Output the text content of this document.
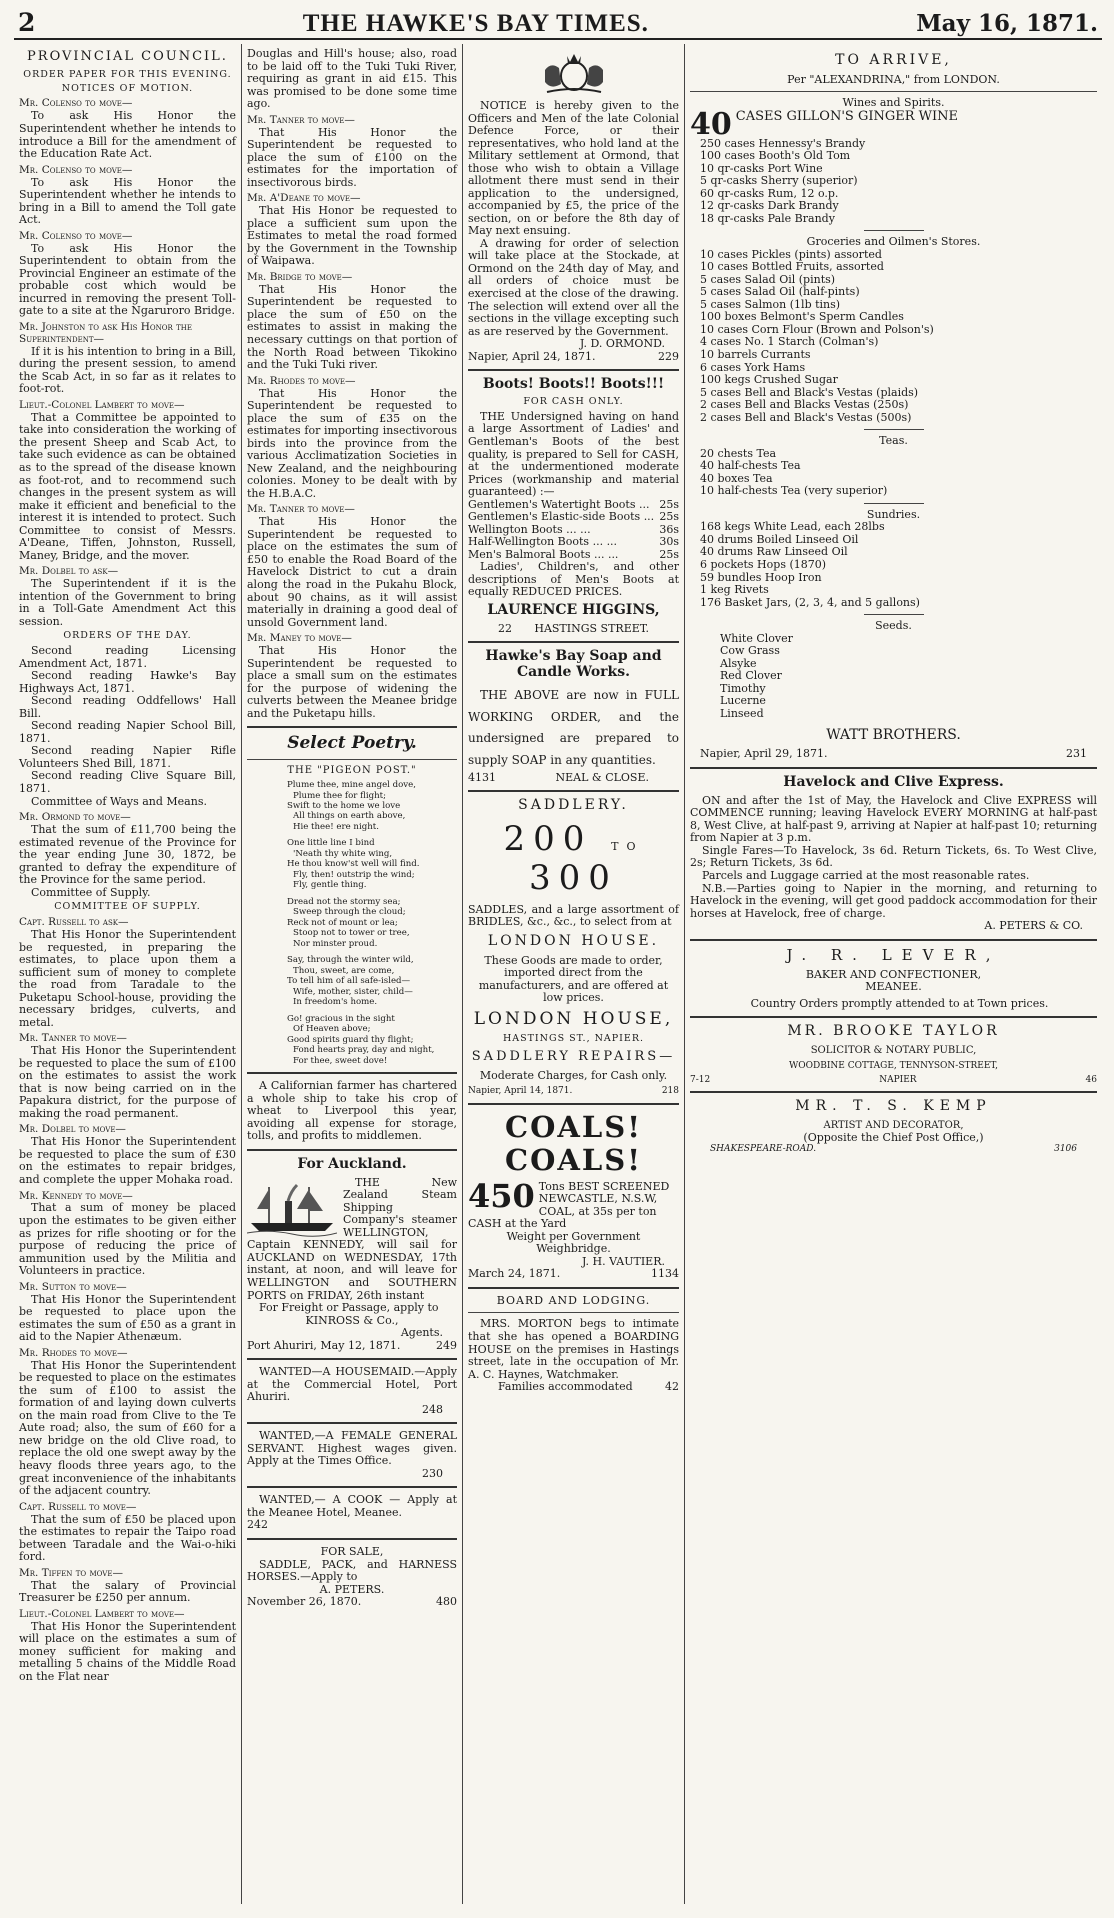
2	THE HAWKE'S BAY TIMES.	May 16, 1871.
PROVINCIAL COUNCIL.
ORDER PAPER FOR THIS EVENING.
NOTICES OF MOTION.
Mr. Colenso to move—
To ask His Honor the Superintendent whether he intends to introduce a Bill for the amendment of the Education Rate Act.
Mr. Colenso to move—
To ask His Honor the Superintendent whether he intends to bring in a Bill to amend the Toll gate Act.
Mr. Colenso to move—
To ask His Honor the Superintendent to obtain from the Provincial Engineer an estimate of the probable cost which would be incurred in removing the present Toll-gate to a site at the Ngaruroro Bridge.
Mr. Johnston to ask His Honor the Superintendent—
If it is his intention to bring in a Bill, during the present session, to amend the Scab Act, in so far as it relates to foot-rot.
Lieut.-Colonel Lambert to move—
That a Committee be appointed to take into consideration the working of the present Sheep and Scab Act, to take such evidence as can be obtained as to the spread of the disease known as foot-rot, and to recommend such changes in the present system as will make it efficient and beneficial to the interest it is intended to protect. Such Committee to consist of Messrs. A'Deane, Tiffen, Johnston, Russell, Maney, Bridge, and the mover.
Mr. Dolbel to ask—
The Superintendent if it is the intention of the Government to bring in a Toll-Gate Amendment Act this session.
ORDERS OF THE DAY.
Second reading Licensing Amendment Act, 1871.
Second reading Hawke's Bay Highways Act, 1871.
Second reading Oddfellows' Hall Bill.
Second reading Napier School Bill, 1871.
Second reading Napier Rifle Volunteers Shed Bill, 1871.
Second reading Clive Square Bill, 1871.
Committee of Ways and Means.
Mr. Ormond to move—
That the sum of £11,700 being the estimated revenue of the Province for the year ending June 30, 1872, be granted to defray the expenditure of the Province for the same period.
Committee of Supply.
COMMITTEE OF SUPPLY.
Capt. Russell to ask—
That His Honor the Superintendent be requested, in preparing the estimates, to place upon them a sufficient sum of money to complete the road from Taradale to the Puketapu School-house, providing the necessary bridges, culverts, and metal.
Mr. Tanner to move—
That His Honor the Superintendent be requested to place the sum of £100 on the estimates to assist the work that is now being carried on in the Papakura district, for the purpose of making the road permanent.
Mr. Dolbel to move—
That His Honor the Superintendent be requested to place the sum of £30 on the estimates to repair bridges, and complete the upper Mohaka road.
Mr. Kennedy to move—
That a sum of money be placed upon the estimates to be given either as prizes for rifle shooting or for the purpose of reducing the price of ammunition used by the Militia and Volunteers in practice.
Mr. Sutton to move—
That His Honor the Superintendent be requested to place upon the estimates the sum of £50 as a grant in aid to the Napier Athenæum.
Mr. Rhodes to move—
That His Honor the Superintendent be requested to place on the estimates the sum of £100 to assist the formation of and laying down culverts on the main road from Clive to the Te Aute road; also, the sum of £60 for a new bridge on the old Clive road, to replace the old one swept away by the heavy floods three years ago, to the great inconvenience of the inhabitants of the adjacent country.
Capt. Russell to move—
That the sum of £50 be placed upon the estimates to repair the Taipo road between Taradale and the Wai-o-hiki ford.
Mr. Tiffen to move—
That the salary of Provincial Treasurer be £250 per annum.
Lieut.-Colonel Lambert to move—
That His Honor the Superintendent will place on the estimates a sum of money sufficient for making and metalling 5 chains of the Middle Road on the Flat near
Douglas and Hill's house; also, road to be laid off to the Tuki Tuki River, requiring as grant in aid £15. This was promised to be done some time ago.
Mr. Tanner to move—
That His Honor the Superintendent be requested to place the sum of £100 on the estimates for the importation of insectivorous birds.
Mr. A'Deane to move—
That His Honor be requested to place a sufficient sum upon the Estimates to metal the road formed by the Government in the Township of Waipawa.
Mr. Bridge to move—
That His Honor the Superintendent be requested to place the sum of £50 on the estimates to assist in making the necessary cuttings on that portion of the North Road between Tikokino and the Tuki Tuki river.
Mr. Rhodes to move—
That His Honor the Superintendent be requested to place the sum of £35 on the estimates for importing insectivorous birds into the province from the various Acclimatization Societies in New Zealand, and the neighbouring colonies. Money to be dealt with by the H.B.A.C.
Mr. Tanner to move—
That His Honor the Superintendent be requested to place on the estimates the sum of £50 to enable the Road Board of the Havelock District to cut a drain along the road in the Pukahu Block, about 90 chains, as it will assist materially in draining a good deal of unsold Government land.
Mr. Maney to move—
That His Honor the Superintendent be requested to place a small sum on the estimates for the purpose of widening the culverts between the Meanee bridge and the Puketapu hills.
Select Poetry.
THE "PIGEON POST."
Plume thee, mine angel dove,
Plume thee for flight;
Swift to the home we love
All things on earth above,
Hie thee! ere night.
One little line I bind
'Neath thy white wing,
He thou know'st well will find.
Fly, then! outstrip the wind;
Fly, gentle thing.
Dread not the stormy sea;
Sweep through the cloud;
Reck not of mount or lea;
Stoop not to tower or tree,
Nor minster proud.
Say, through the winter wild,
Thou, sweet, are come,
To tell him of all safe-isled—
Wife, mother, sister, child—
In freedom's home.
Go! gracious in the sight
Of Heaven above;
Good spirits guard thy flight;
Fond hearts pray, day and night,
For thee, sweet dove!
A Californian farmer has chartered a whole ship to take his crop of wheat to Liverpool this year, avoiding all expense for storage, tolls, and profits to middlemen.
For Auckland.
THE New Zealand Steam Shipping Company's steamer WELLINGTON, Captain KENNEDY, will sail for AUCKLAND on WEDNESDAY, 17th instant, at noon, and will leave for WELLINGTON and SOUTHERN PORTS on FRIDAY, 26th instant
For Freight or Passage, apply to
KINROSS & Co.,
Agents.
Port Ahuriri, May 12, 1871.	249
WANTED—A HOUSEMAID.—Apply at the Commercial Hotel, Port Ahuriri.
248
WANTED,—A FEMALE GENERAL SERVANT. Highest wages given. Apply at the Times Office.
230
WANTED,— A COOK — Apply at the Meanee Hotel, Meanee.
242
FOR SALE,
SADDLE, PACK, and HARNESS HORSES.—Apply to
A. PETERS.
November 26, 1870.	480
NOTICE is hereby given to the Officers and Men of the late Colonial Defence Force, or their representatives, who hold land at the Military settlement at Ormond, that those who wish to obtain a Village allotment there must send in their application to the undersigned, accompanied by £5, the price of the section, on or before the 8th day of May next ensuing.
A drawing for order of selection will take place at the Stockade, at Ormond on the 24th day of May, and all orders of choice must be exercised at the close of the drawing. The selection will extend over all the sections in the village excepting such as are reserved by the Government.
J. D. ORMOND.
Napier, April 24, 1871.	229
Boots! Boots!! Boots!!!
FOR CASH ONLY.
THE Undersigned having on hand a large Assortment of Ladies' and Gentleman's Boots of the best quality, is prepared to Sell for CASH, at the undermentioned moderate Prices (workmanship and material guaranteed) :—
Gentlemen's Watertight Boots ... 25s
Gentlemen's Elastic-side Boots ... 25s
Wellington Boots ... ...	36s
Half-Wellington Boots ... ...	30s
Men's Balmoral Boots ... ...	25s
Ladies', Children's, and other descriptions of Men's Boots at equally REDUCED PRICES.
LAURENCE HIGGINS,
22 HASTINGS STREET.
Hawke's Bay Soap and Candle Works.
THE ABOVE are now in FULL WORKING ORDER, and the undersigned are prepared to supply SOAP in any quantities.
4131	NEAL & CLOSE.
SADDLERY.
200 TO 300
SADDLES, and a large assortment of BRIDLES, &c., &c., to select from at
LONDON HOUSE.
These Goods are made to order, imported direct from the manufacturers, and are offered at low prices.
LONDON HOUSE,
HASTINGS ST., NAPIER.
SADDLERY REPAIRS—
Moderate Charges, for Cash only.
Napier, April 14, 1871.	218
COALS! COALS!
450 Tons BEST SCREENED NEWCASTLE, N.S.W, COAL, at 35s per ton CASH at the Yard
Weight per Government Weighbridge.
J. H. VAUTIER.
March 24, 1871.	1134
BOARD AND LODGING.
MRS. MORTON begs to intimate that she has opened a BOARDING HOUSE on the premises in Hastings street, late in the occupation of Mr. A. C. Haynes, Watchmaker.
Families accommodated	42
TO ARRIVE,
Per "ALEXANDRINA," from LONDON.
Wines and Spirits.
40 CASES GILLON'S GINGER WINE
250 cases Hennessy's Brandy
100 cases Booth's Old Tom
10 qr-casks Port Wine
5 qr-casks Sherry (superior)
60 qr-casks Rum, 12 o.p.
12 qr-casks Dark Brandy
18 qr-casks Pale Brandy
Groceries and Oilmen's Stores.
10 cases Pickles (pints) assorted
10 cases Bottled Fruits, assorted
5 cases Salad Oil (pints)
5 cases Salad Oil (half-pints)
5 cases Salmon (1lb tins)
100 boxes Belmont's Sperm Candles
10 cases Corn Flour (Brown and Polson's)
4 cases No. 1 Starch (Colman's)
10 barrels Currants
6 cases York Hams
100 kegs Crushed Sugar
5 cases Bell and Black's Vestas (plaids)
2 cases Bell and Blacks Vestas (250s)
2 cases Bell and Black's Vestas (500s)
Teas.
20 chests Tea
40 half-chests Tea
40 boxes Tea
10 half-chests Tea (very superior)
Sundries.
168 kegs White Lead, each 28lbs
40 drums Boiled Linseed Oil
40 drums Raw Linseed Oil
6 pockets Hops (1870)
59 bundles Hoop Iron
1 keg Rivets
176 Basket Jars, (2, 3, 4, and 5 gallons)
Seeds.
White Clover
Cow Grass
Alsyke
Red Clover
Timothy
Lucerne
Linseed
WATT BROTHERS.
Napier, April 29, 1871.	231
Havelock and Clive Express.
ON and after the 1st of May, the Havelock and Clive EXPRESS will COMMENCE running; leaving Havelock EVERY MORNING at half-past 8, West Clive, at half-past 9, arriving at Napier at half-past 10; returning from Napier at 3 p.m.
Single Fares—To Havelock, 3s 6d. Return Tickets, 6s. To West Clive, 2s; Return Tickets, 3s 6d.
Parcels and Luggage carried at the most reasonable rates.
N.B.—Parties going to Napier in the morning, and returning to Havelock in the evening, will get good paddock accommodation for their horses at Havelock, free of charge.
A. PETERS & CO.
J. R. LEVER,
BAKER AND CONFECTIONER,
MEANEE.
Country Orders promptly attended to at Town prices.
MR. BROOKE TAYLOR
SOLICITOR & NOTARY PUBLIC,
WOODBINE COTTAGE, TENNYSON-STREET,
7-12	NAPIER	46
MR. T. S. KEMP
ARTIST AND DECORATOR,
(Opposite the Chief Post Office,)
SHAKESPEARE-ROAD.	3106
